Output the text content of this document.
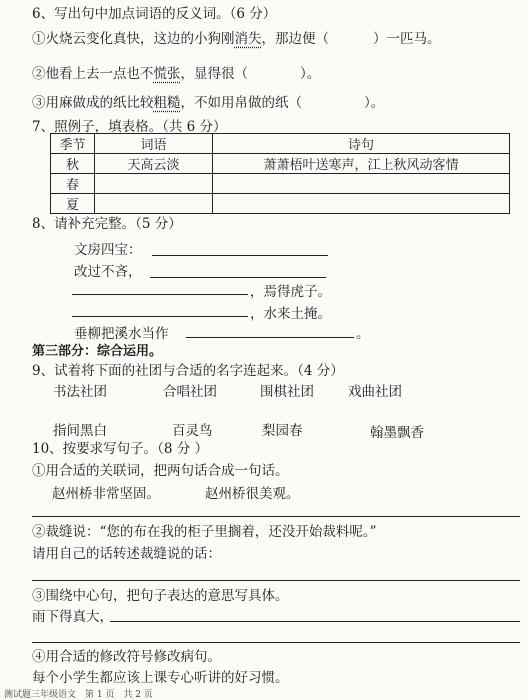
6、写出句中加点词语的反义词。（6 分）
①火烧云变化真快，这边的小狗刚消失，那边便（	）一匹马。
②他看上去一点也不慌张，显得很（	）。
③用麻做成的纸比较粗糙，不如用帛做的纸（	）。
7、照例子，填表格。（共 6 分）
季节	词语	诗句
秋	天高云淡	萧萧梧叶送寒声，江上秋风动客情
春		
夏		
8、请补充完整。（5 分）
文房四宝：
改过不吝，
，焉得虎子。
，水来土掩。
垂柳把溪水当作	。
第三部分：综合运用。
9、试着将下面的社团与合适的名字连起来。（4 分）
书法社团	合唱社团	围棋社团	戏曲社团
指间黑白	百灵鸟	梨园春	翰墨飘香
10、按要求写句子。（8 分 ）
①用合适的关联词，把两句话合成一句话。
赵州桥非常坚固。	赵州桥很美观。
②裁缝说：“您的布在我的柜子里搁着，还没开始裁料呢。”
请用自己的话转述裁缝说的话：
③围绕中心句，把句子表达的意思写具体。
雨下得真大，
④用合适的修改符号修改病句。
每个小学生都应该上课专心听讲的好习惯。
测试题三年级语文　第 1 页　共 2 页
